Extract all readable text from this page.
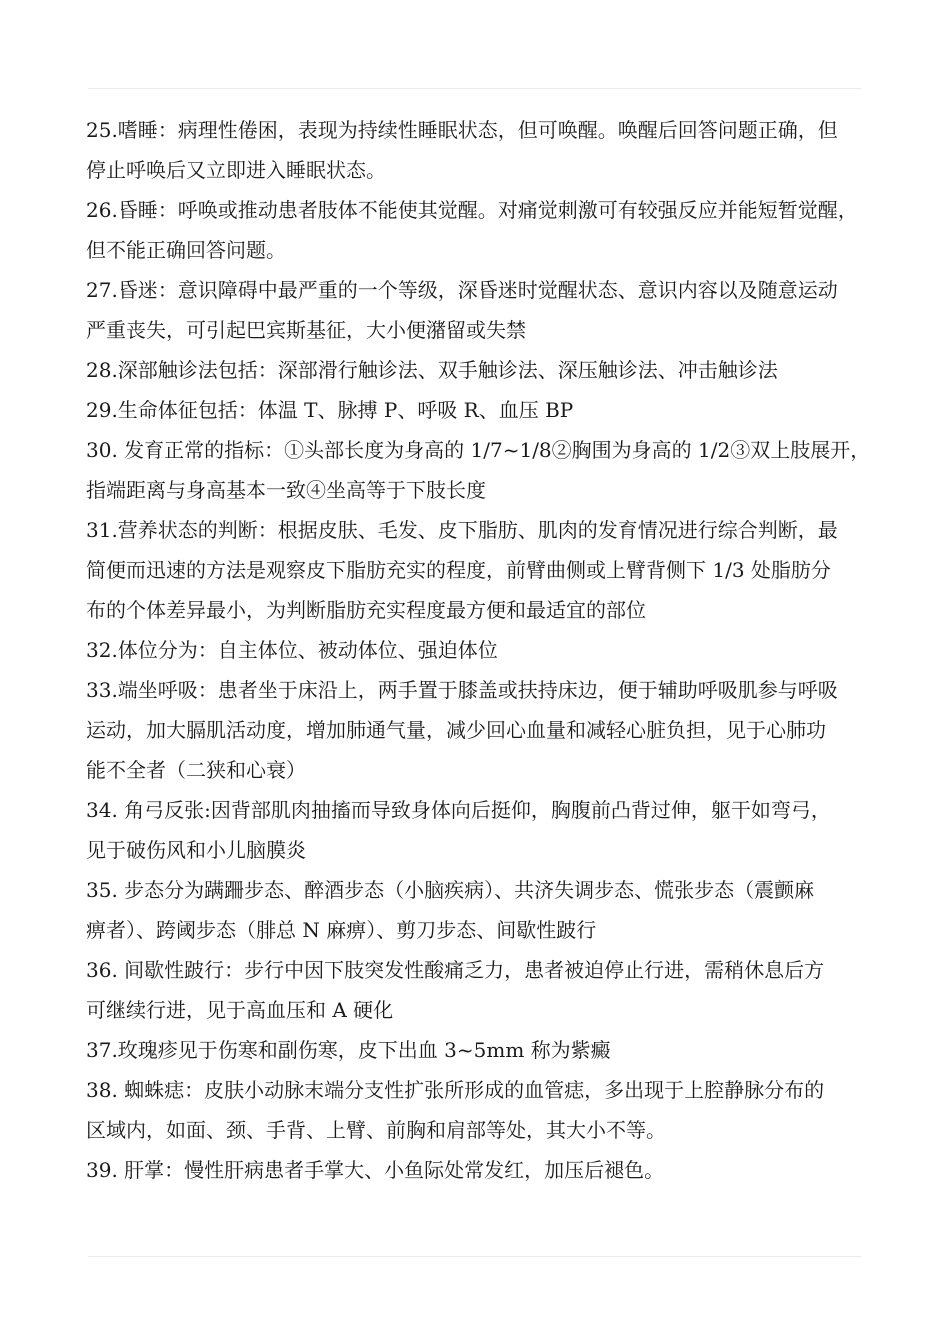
25.嗜睡：病理性倦困，表现为持续性睡眠状态，但可唤醒。唤醒后回答问题正确，但
停止呼唤后又立即进入睡眠状态。

26.昏睡：呼唤或推动患者肢体不能使其觉醒。对痛觉刺激可有较强反应并能短暂觉醒，
但不能正确回答问题。

27.昏迷：意识障碍中最严重的一个等级，深昏迷时觉醒状态、意识内容以及随意运动
严重丧失，可引起巴宾斯基征，大小便潴留或失禁

28.深部触诊法包括：深部滑行触诊法、双手触诊法、深压触诊法、冲击触诊法

29.生命体征包括：体温 T、脉搏 P、呼吸 R、血压 BP

30. 发育正常的指标：①头部长度为身高的 1/7~1/8②胸围为身高的 1/2③双上肢展开，
指端距离与身高基本一致④坐高等于下肢长度

31.营养状态的判断：根据皮肤、毛发、皮下脂肪、肌肉的发育情况进行综合判断，最
简便而迅速的方法是观察皮下脂肪充实的程度，前臂曲侧或上臂背侧下 1/3 处脂肪分
布的个体差异最小，为判断脂肪充实程度最方便和最适宜的部位

32.体位分为：自主体位、被动体位、强迫体位

33.端坐呼吸：患者坐于床沿上，两手置于膝盖或扶持床边，便于辅助呼吸肌参与呼吸
运动，加大膈肌活动度，增加肺通气量，减少回心血量和减轻心脏负担，见于心肺功
能不全者（二狭和心衰）

34. 角弓反张:因背部肌肉抽搐而导致身体向后挺仰，胸腹前凸背过伸，躯干如弯弓，
见于破伤风和小儿脑膜炎

35. 步态分为蹒跚步态、醉酒步态（小脑疾病）、共济失调步态、慌张步态（震颤麻
痹者）、跨阈步态（腓总 N 麻痹）、剪刀步态、间歇性跛行

36. 间歇性跛行：步行中因下肢突发性酸痛乏力，患者被迫停止行进，需稍休息后方
可继续行进，见于高血压和 A 硬化

37.玫瑰疹见于伤寒和副伤寒，皮下出血 3~5mm 称为紫癜

38. 蜘蛛痣：皮肤小动脉末端分支性扩张所形成的血管痣，多出现于上腔静脉分布的
区域内，如面、颈、手背、上臂、前胸和肩部等处，其大小不等。

39. 肝掌：慢性肝病患者手掌大、小鱼际处常发红，加压后褪色。
